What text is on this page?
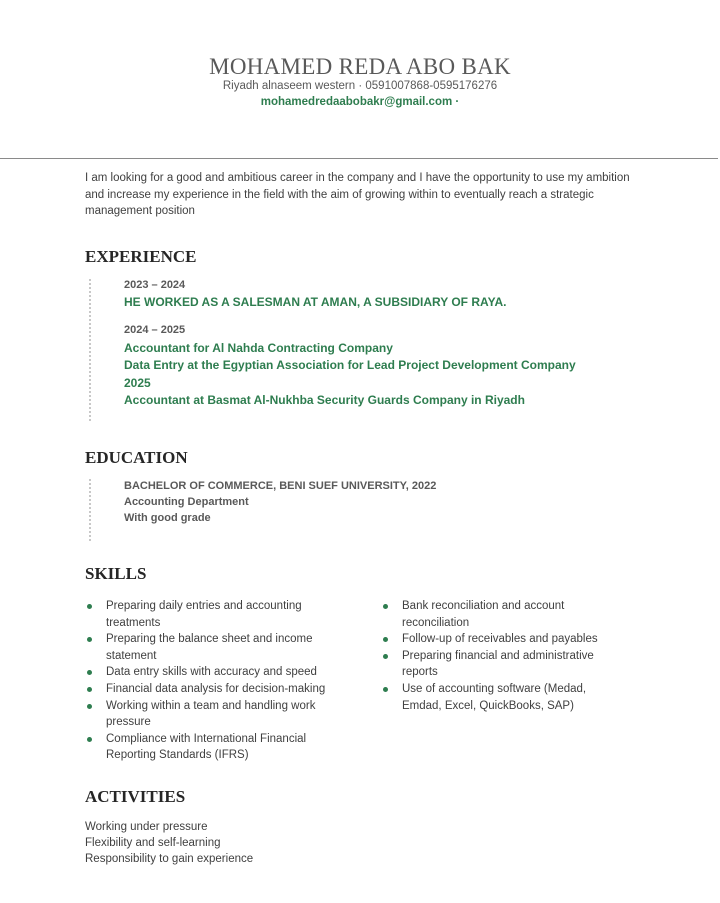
MOHAMED REDA ABO BAK
Riyadh alnaseem western · 0591007868-0595176276
mohamedredaabobakr@gmail.com ·
I am looking for a good and ambitious career in the company and I have the opportunity to use my ambition and increase my experience in the field with the aim of growing within to eventually reach a strategic management position
EXPERIENCE
2023 – 2024
HE WORKED AS A SALESMAN AT AMAN, A SUBSIDIARY OF RAYA.
2024 – 2025
Accountant for Al Nahda Contracting Company
Data Entry at the Egyptian Association for Lead Project Development Company
2025
Accountant at Basmat Al-Nukhba Security Guards Company in Riyadh
EDUCATION
BACHELOR OF COMMERCE, BENI SUEF UNIVERSITY, 2022
Accounting Department
With good grade
SKILLS
Preparing daily entries and accounting treatments
Preparing the balance sheet and income statement
Data entry skills with accuracy and speed
Financial data analysis for decision-making
Working within a team and handling work pressure
Compliance with International Financial Reporting Standards (IFRS)
Bank reconciliation and account reconciliation
Follow-up of receivables and payables
Preparing financial and administrative reports
Use of accounting software (Medad, Emdad, Excel, QuickBooks, SAP)
ACTIVITIES
Working under pressure
Flexibility and self-learning
Responsibility to gain experience
